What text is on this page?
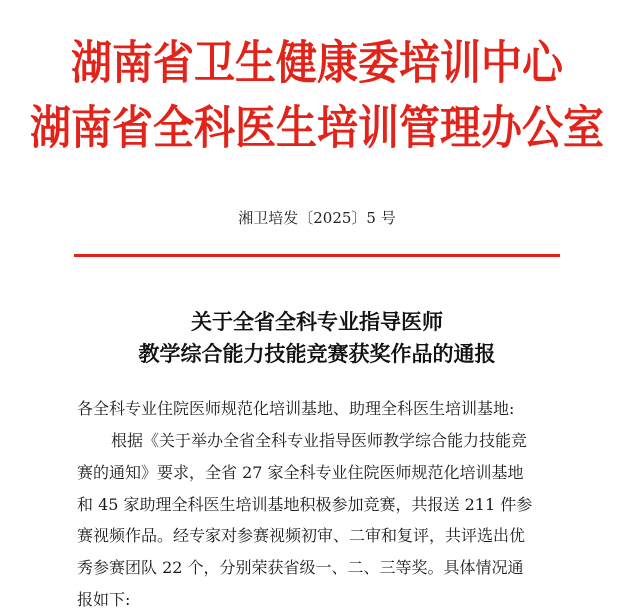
湖南省卫生健康委培训中心
湖南省全科医生培训管理办公室
湘卫培发〔2025〕5 号
关于全省全科专业指导医师
教学综合能力技能竞赛获奖作品的通报
各全科专业住院医师规范化培训基地、助理全科医生培训基地:
根据《关于举办全省全科专业指导医师教学综合能力技能竞
赛的通知》要求，全省 27 家全科专业住院医师规范化培训基地
和 45 家助理全科医生培训基地积极参加竞赛，共报送 211 件参
赛视频作品。经专家对参赛视频初审、二审和复评，共评选出优
秀参赛团队 22 个，分别荣获省级一、二、三等奖。具体情况通
报如下:
